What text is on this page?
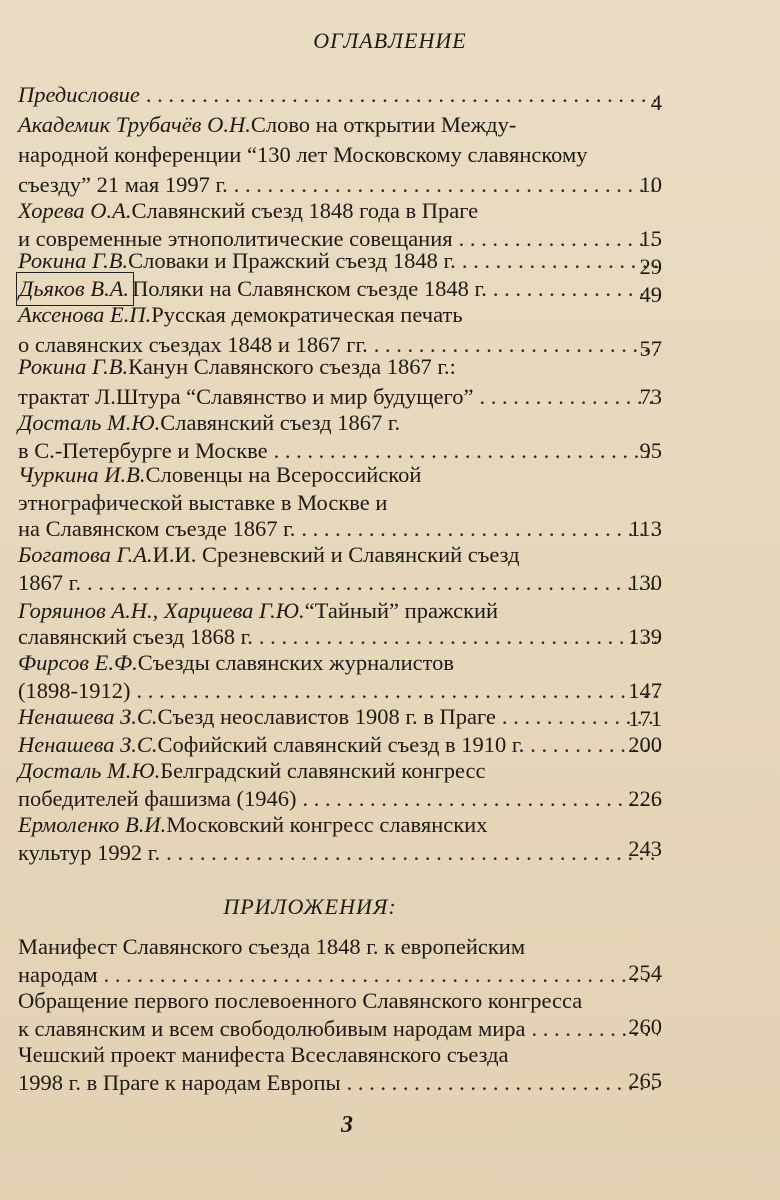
ОГЛАВЛЕНИЕ
Предисловие . . .	4
Академик Трубачёв О.Н. Слово на открытии Между-
народной конференции “130 лет Московскому славянскому
съезду” 21 мая 1997 г. . . .	10
Хорева О.А. Славянский съезд 1848 года в Праге
и современные этнополитические совещания . . .	15
Рокина Г.В. Словаки и Пражский съезд 1848 г. . . .	29
Дьяков В.А. Поляки на Славянском съезде 1848 г. . . .	49
Аксенова Е.П. Русская демократическая печать
о славянских съездах 1848 и 1867 гг. . . .	57
Рокина Г.В. Канун Славянского съезда 1867 г.:
трактат Л.Штура “Славянство и мир будущего” . . .	73
Досталь М.Ю. Славянский съезд 1867 г.
в С.-Петербурге и Москве . . .	95
Чуркина И.В. Словенцы на Всероссийской
этнографической выставке в Москве и
на Славянском съезде 1867 г. . . .	113
Богатова Г.А. И.И. Срезневский и Славянский съезд
1867 г. . . .	130
Горяинов А.Н., Харциева Г.Ю. “Тайный” пражский
славянский съезд 1868 г. . . .	139
Фирсов Е.Ф. Съезды славянских журналистов
(1898-1912) . . .	147
Ненашева З.С. Съезд неославистов 1908 г. в Праге . . .	171
Ненашева З.С. Софийский славянский съезд в 1910 г. . . .	200
Досталь М.Ю. Белградский славянский конгресс
победителей фашизма (1946) . . .	226
Ермоленко В.И. Московский конгресс славянских
культур 1992 г. . . .	243
ПРИЛОЖЕНИЯ:
Манифест Славянского съезда 1848 г. к европейским
народам . . .	254
Обращение первого послевоенного Славянского конгресса
к славянским и всем свободолюбивым народам мира . . .	260
Чешский проект манифеста Всеславянского съезда
1998 г. в Праге к народам Европы . . .	265
3
